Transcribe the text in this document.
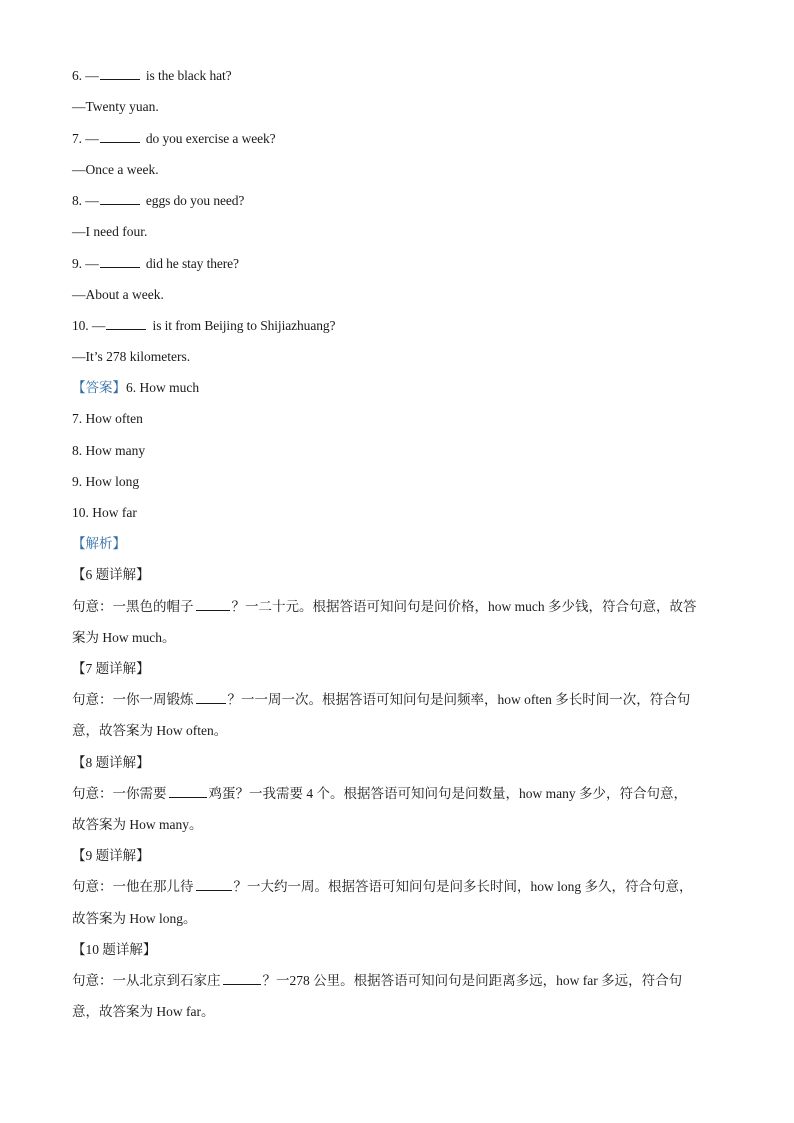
6. —	is the black hat?
—Twenty yuan.
7. —	do you exercise a week?
—Once a week.
8. —	eggs do you need?
—I need four.
9. —	did he stay there?
—About a week.
10. —	is it from Beijing to Shijiazhuang?
—It’s 278 kilometers.
【答案】6. How much
7. How often
8. How many
9. How long
10. How far
【解析】
【6 题详解】
句意：一黑色的帽子	？一二十元。根据答语可知问句是问价格，how much 多少钱，符合句意，故答
案为 How much。
【7 题详解】
句意：一你一周锻炼	？一一周一次。根据答语可知问句是问频率，how often 多长时间一次，符合句
意，故答案为 How often。
【8 题详解】
句意：一你需要	鸡蛋？一我需要 4 个。根据答语可知问句是问数量，how many 多少，符合句意，
故答案为 How many。
【9 题详解】
句意：一他在那儿待	？一大约一周。根据答语可知问句是问多长时间，how long 多久，符合句意，
故答案为 How long。
【10 题详解】
句意：一从北京到石家庄	？一278 公里。根据答语可知问句是问距离多远，how far 多远，符合句
意，故答案为 How far。
